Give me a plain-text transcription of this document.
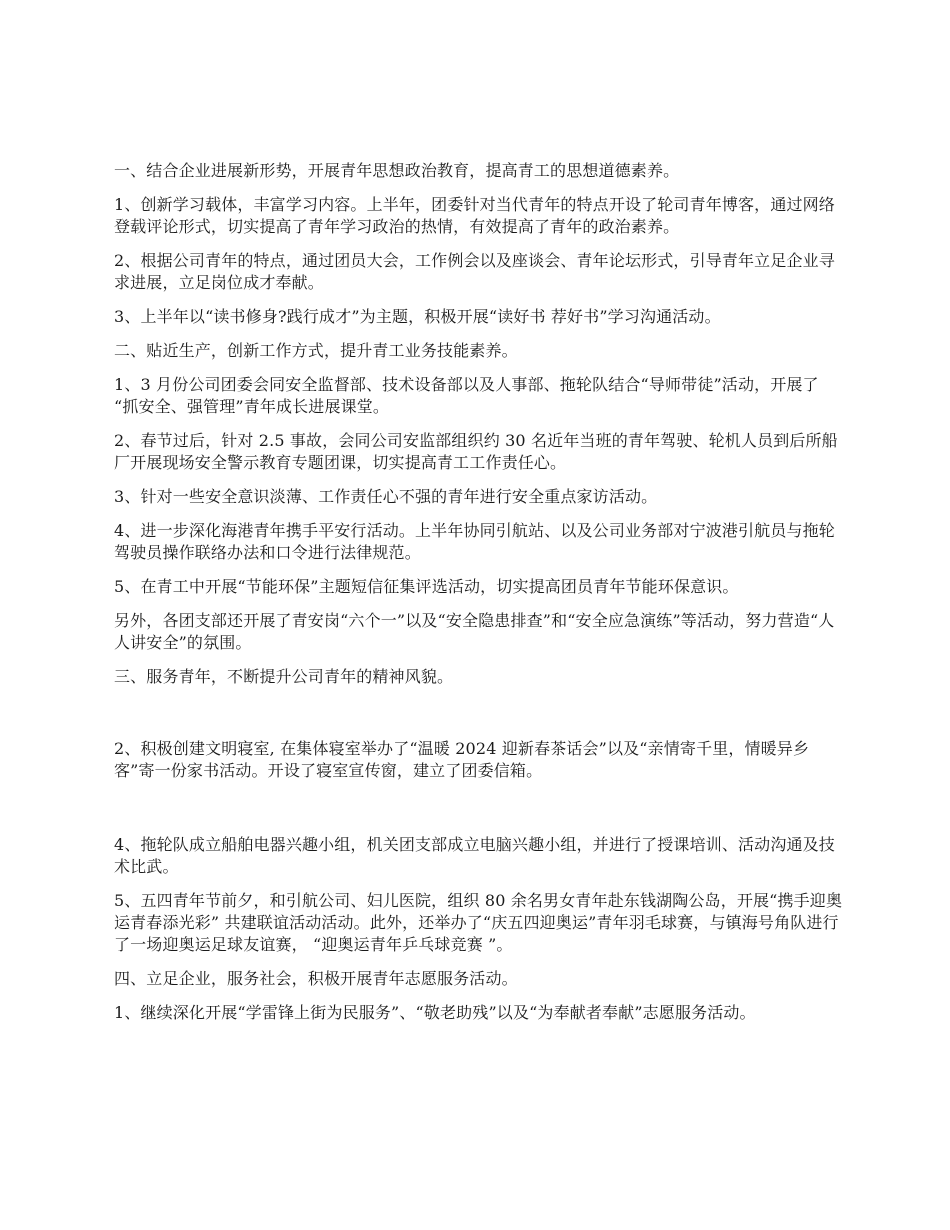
一、结合企业进展新形势，开展青年思想政治教育，提高青工的思想道德素养。

1、创新学习载体，丰富学习内容。上半年，团委针对当代青年的特点开设了轮司青年博客，通过网络登载评论形式，切实提高了青年学习政治的热情，有效提高了青年的政治素养。

2、根据公司青年的特点，通过团员大会，工作例会以及座谈会、青年论坛形式，引导青年立足企业寻求进展，立足岗位成才奉献。

3、上半年以“读书修身?践行成才”为主题，积极开展“读好书 荐好书”学习沟通活动。

二、贴近生产，创新工作方式，提升青工业务技能素养。

1、3 月份公司团委会同安全监督部、技术设备部以及人事部、拖轮队结合“导师带徒”活动，开展了 “抓安全、强管理”青年成长进展课堂。

2、春节过后，针对 2.5 事故，会同公司安监部组织约 30 名近年当班的青年驾驶、轮机人员到后所船厂开展现场安全警示教育专题团课，切实提高青工工作责任心。

3、针对一些安全意识淡薄、工作责任心不强的青年进行安全重点家访活动。

4、进一步深化海港青年携手平安行活动。上半年协同引航站、以及公司业务部对宁波港引航员与拖轮驾驶员操作联络办法和口令进行法律规范。

5、在青工中开展“节能环保”主题短信征集评选活动，切实提高团员青年节能环保意识。

另外，各团支部还开展了青安岗“六个一”以及“安全隐患排查”和“安全应急演练”等活动，努力营造“人人讲安全”的氛围。

三、服务青年，不断提升公司青年的精神风貌。

2、积极创建文明寝室, 在集体寝室举办了“温暖 2024 迎新春茶话会”以及“亲情寄千里，情暖异乡客”寄一份家书活动。开设了寝室宣传窗，建立了团委信箱。

4、拖轮队成立船舶电器兴趣小组，机关团支部成立电脑兴趣小组，并进行了授课培训、活动沟通及技术比武。

5、五四青年节前夕，和引航公司、妇儿医院，组织 80 余名男女青年赴东钱湖陶公岛，开展“携手迎奥运青春添光彩” 共建联谊活动活动。此外，还举办了“庆五四迎奥运”青年羽毛球赛，与镇海号角队进行了一场迎奥运足球友谊赛， “迎奥运青年乒乓球竞赛 ”。

四、立足企业，服务社会，积极开展青年志愿服务活动。

1、继续深化开展“学雷锋上街为民服务”、“敬老助残”以及“为奉献者奉献”志愿服务活动。
